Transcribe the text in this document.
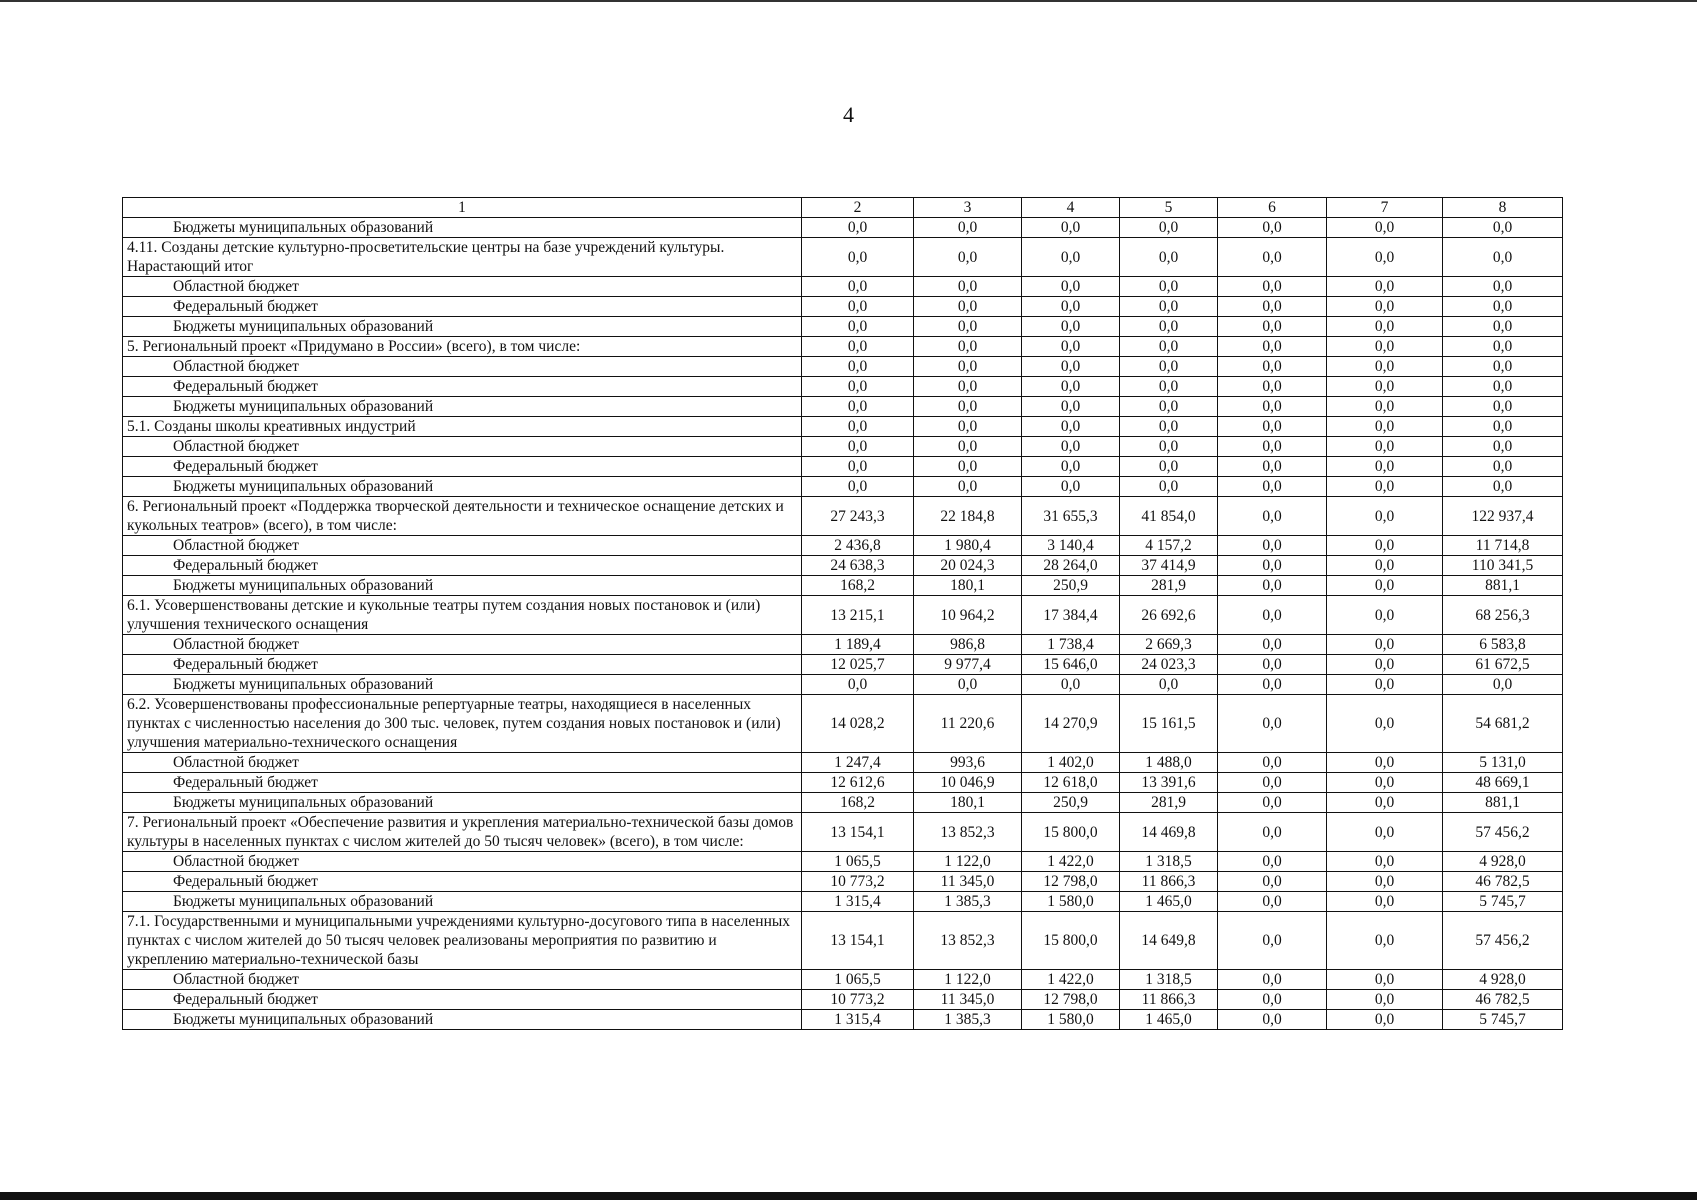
4
1	2	3	4	5	6	7	8
Бюджеты муниципальных образований	0,0	0,0	0,0	0,0	0,0	0,0	0,0
4.11. Созданы детские культурно-просветительские центры на базе учреждений культуры. Нарастающий итог	0,0	0,0	0,0	0,0	0,0	0,0	0,0
Областной бюджет	0,0	0,0	0,0	0,0	0,0	0,0	0,0
Федеральный бюджет	0,0	0,0	0,0	0,0	0,0	0,0	0,0
Бюджеты муниципальных образований	0,0	0,0	0,0	0,0	0,0	0,0	0,0
5. Региональный проект «Придумано в России» (всего), в том числе:	0,0	0,0	0,0	0,0	0,0	0,0	0,0
Областной бюджет	0,0	0,0	0,0	0,0	0,0	0,0	0,0
Федеральный бюджет	0,0	0,0	0,0	0,0	0,0	0,0	0,0
Бюджеты муниципальных образований	0,0	0,0	0,0	0,0	0,0	0,0	0,0
5.1. Созданы школы креативных индустрий	0,0	0,0	0,0	0,0	0,0	0,0	0,0
Областной бюджет	0,0	0,0	0,0	0,0	0,0	0,0	0,0
Федеральный бюджет	0,0	0,0	0,0	0,0	0,0	0,0	0,0
Бюджеты муниципальных образований	0,0	0,0	0,0	0,0	0,0	0,0	0,0
6. Региональный проект «Поддержка творческой деятельности и техническое оснащение детских и кукольных театров» (всего), в том числе:	27 243,3	22 184,8	31 655,3	41 854,0	0,0	0,0	122 937,4
Областной бюджет	2 436,8	1 980,4	3 140,4	4 157,2	0,0	0,0	11 714,8
Федеральный бюджет	24 638,3	20 024,3	28 264,0	37 414,9	0,0	0,0	110 341,5
Бюджеты муниципальных образований	168,2	180,1	250,9	281,9	0,0	0,0	881,1
6.1. Усовершенствованы детские и кукольные театры путем создания новых постановок и (или) улучшения технического оснащения	13 215,1	10 964,2	17 384,4	26 692,6	0,0	0,0	68 256,3
Областной бюджет	1 189,4	986,8	1 738,4	2 669,3	0,0	0,0	6 583,8
Федеральный бюджет	12 025,7	9 977,4	15 646,0	24 023,3	0,0	0,0	61 672,5
Бюджеты муниципальных образований	0,0	0,0	0,0	0,0	0,0	0,0	0,0
6.2. Усовершенствованы профессиональные репертуарные театры, находящиеся в населенных пунктах с численностью населения до 300 тыс. человек, путем создания новых постановок и (или) улучшения материально-технического оснащения	14 028,2	11 220,6	14 270,9	15 161,5	0,0	0,0	54 681,2
Областной бюджет	1 247,4	993,6	1 402,0	1 488,0	0,0	0,0	5 131,0
Федеральный бюджет	12 612,6	10 046,9	12 618,0	13 391,6	0,0	0,0	48 669,1
Бюджеты муниципальных образований	168,2	180,1	250,9	281,9	0,0	0,0	881,1
7. Региональный проект «Обеспечение развития и укрепления материально-технической базы домов культуры в населенных пунктах с числом жителей до 50 тысяч человек» (всего), в том числе:	13 154,1	13 852,3	15 800,0	14 469,8	0,0	0,0	57 456,2
Областной бюджет	1 065,5	1 122,0	1 422,0	1 318,5	0,0	0,0	4 928,0
Федеральный бюджет	10 773,2	11 345,0	12 798,0	11 866,3	0,0	0,0	46 782,5
Бюджеты муниципальных образований	1 315,4	1 385,3	1 580,0	1 465,0	0,0	0,0	5 745,7
7.1. Государственными и муниципальными учреждениями культурно-досугового типа в населенных пунктах с числом жителей до 50 тысяч человек реализованы мероприятия по развитию и укреплению материально-технической базы	13 154,1	13 852,3	15 800,0	14 649,8	0,0	0,0	57 456,2
Областной бюджет	1 065,5	1 122,0	1 422,0	1 318,5	0,0	0,0	4 928,0
Федеральный бюджет	10 773,2	11 345,0	12 798,0	11 866,3	0,0	0,0	46 782,5
Бюджеты муниципальных образований	1 315,4	1 385,3	1 580,0	1 465,0	0,0	0,0	5 745,7
